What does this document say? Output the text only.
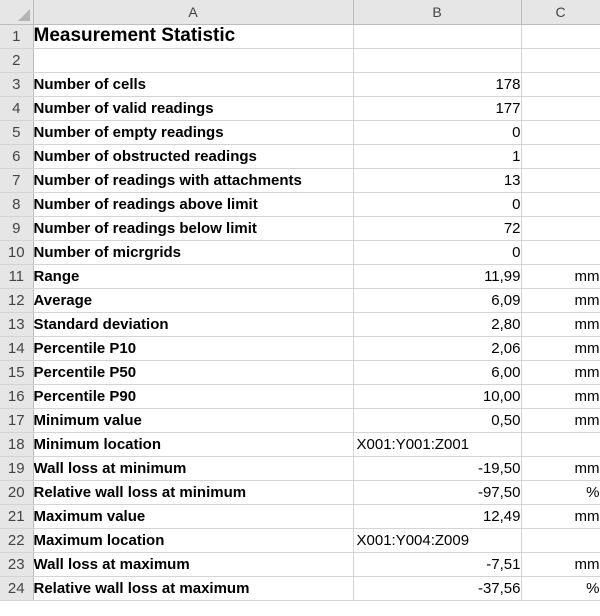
	A	B	C
1	Measurement Statistic		
2			
3	Number of cells	178	
4	Number of valid readings	177	
5	Number of empty readings	0	
6	Number of obstructed readings	1	
7	Number of readings with attachments	13	
8	Number of readings above limit	0	
9	Number of readings below limit	72	
10	Number of micrgrids	0	
11	Range	11,99	mm
12	Average	6,09	mm
13	Standard deviation	2,80	mm
14	Percentile P10	2,06	mm
15	Percentile P50	6,00	mm
16	Percentile P90	10,00	mm
17	Minimum value	0,50	mm
18	Minimum location	X001:Y001:Z001	
19	Wall loss at minimum	-19,50	mm
20	Relative wall loss at minimum	-97,50	%
21	Maximum value	12,49	mm
22	Maximum location	X001:Y004:Z009	
23	Wall loss at maximum	-7,51	mm
24	Relative wall loss at maximum	-37,56	%
